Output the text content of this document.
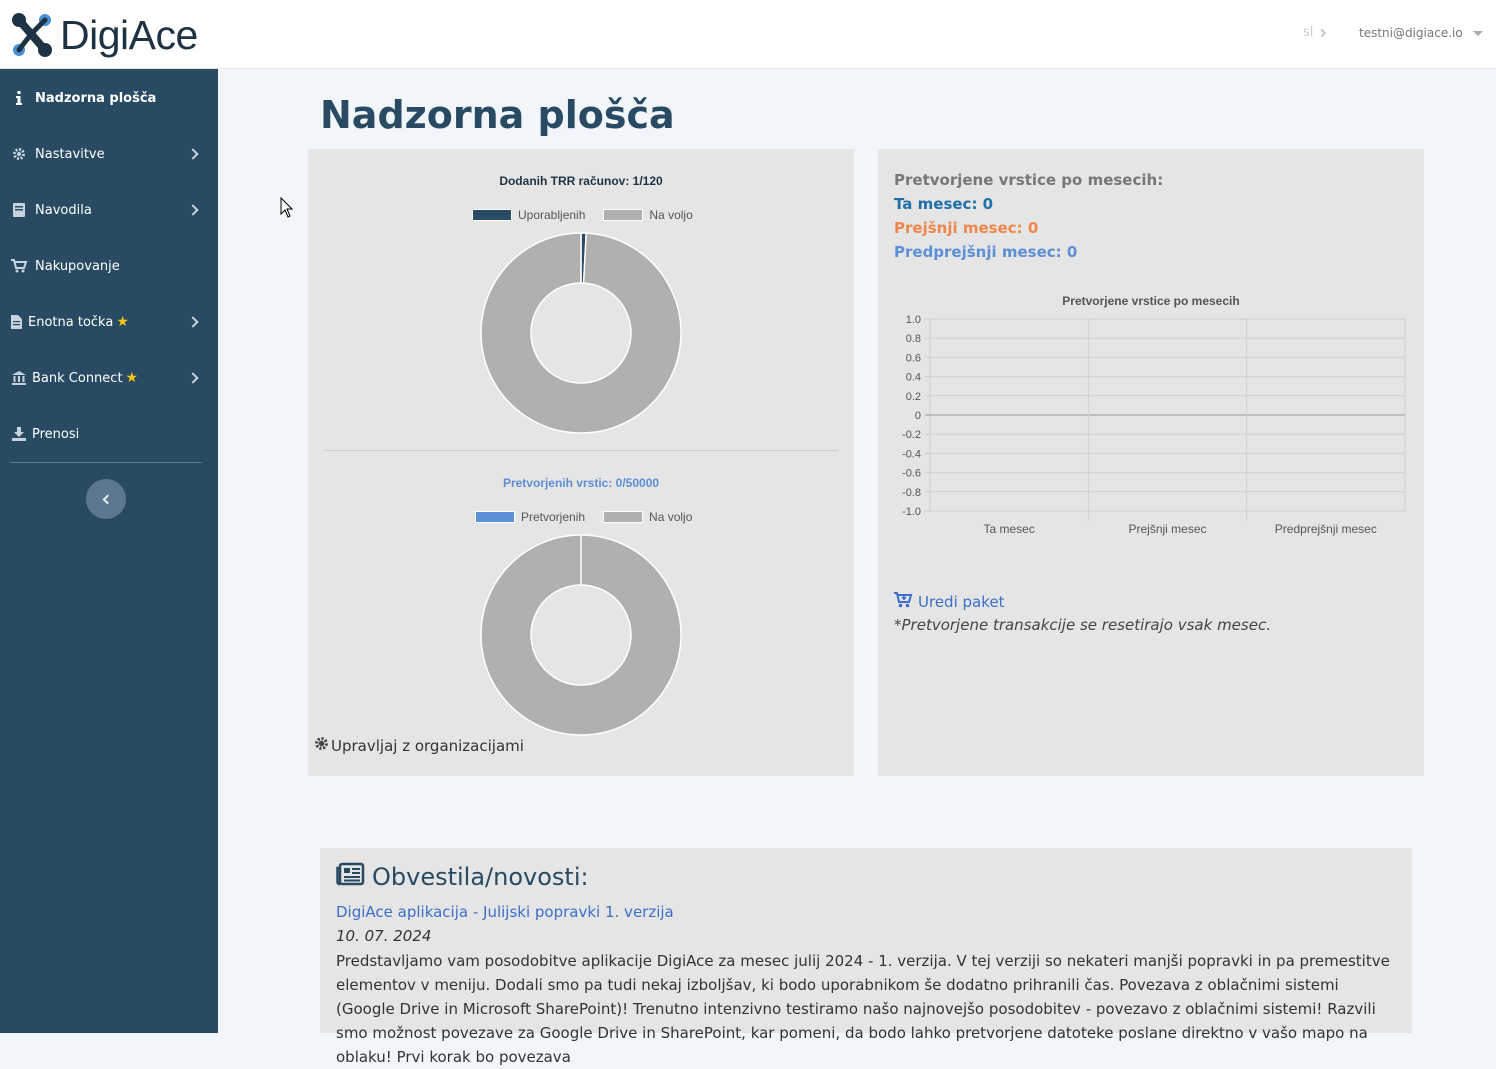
DigiAce	sl	testni@digiace.io
Nadzorna plošča
Nastavitve
Navodila
Nakupovanje
Enotna točka ★
Bank Connect ★
Prenosi
Nadzorna plošča
Dodanih TRR računov: 1/120
Uporabljenih	Na voljo
Pretvorjenih vrstic: 0/50000
Pretvorjenih	Na voljo
Upravljaj z organizacijami
Pretvorjene vrstice po mesecih:
Ta mesec: 0
Prejšnji mesec: 0
Predprejšnji mesec: 0
Pretvorjene vrstice po mesecih
1.0
0.8
0.6
0.4
0.2
0
-0.2
-0.4
-0.6
-0.8
-1.0
Ta mesec	Prejšnji mesec	Predprejšnji mesec
Uredi paket
*Pretvorjene transakcije se resetirajo vsak mesec.
Obvestila/novosti:
DigiAce aplikacija - Julijski popravki 1. verzija
10. 07. 2024
Predstavljamo vam posodobitve aplikacije DigiAce za mesec julij 2024 - 1. verzija. V tej verziji so nekateri manjši popravki in pa premestitve elementov v meniju. Dodali smo pa tudi nekaj izboljšav, ki bodo uporabnikom še dodatno prihranili čas. Povezava z oblačnimi sistemi (Google Drive in Microsoft SharePoint)! Trenutno intenzivno testiramo našo najnovejšo posodobitev - povezavo z oblačnimi sistemi! Razvili smo možnost povezave za Google Drive in SharePoint, kar pomeni, da bodo lahko pretvorjene datoteke poslane direktno v vašo mapo na oblaku! Prvi korak bo povezava
